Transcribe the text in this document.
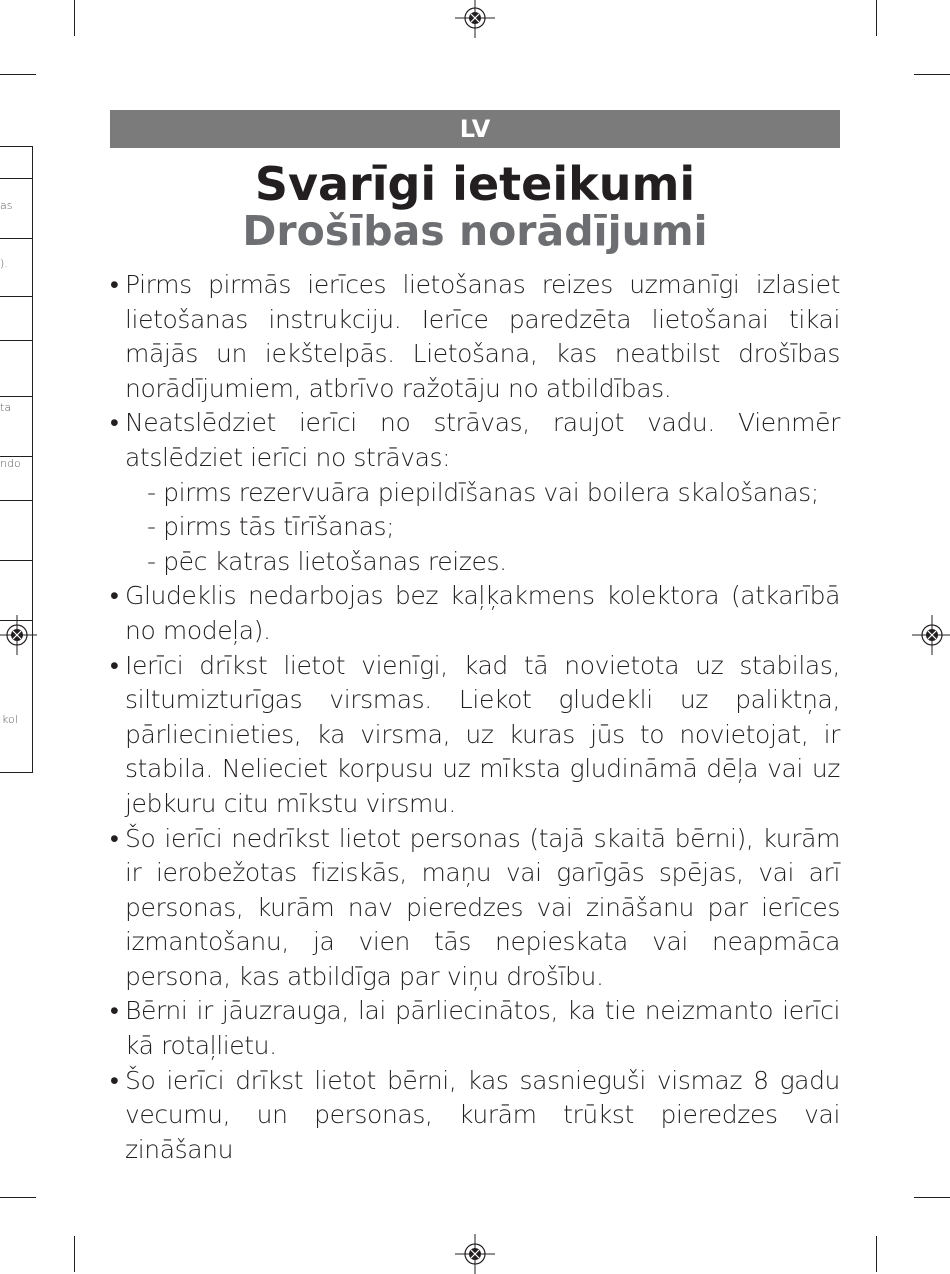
as
).
ta
ndo
kol
LV
Svarīgi ieteikumi
Drošības norādījumi
• Pirms pirmās ierīces lietošanas reizes uzmanīgi izlasiet lietošanas instrukciju. Ierīce paredzēta lietošanai tikai mājās un iekštelpās. Lietošana, kas neatbilst drošības norādījumiem, atbrīvo ražotāju no atbildības.
• Neatslēdziet ierīci no strāvas, raujot vadu. Vienmēr atslēdziet ierīci no strāvas:
- pirms rezervuāra piepildīšanas vai boilera skalošanas;
- pirms tās tīrīšanas;
- pēc katras lietošanas reizes.
• Gludeklis nedarbojas bez kaļķakmens kolektora (atkarībā no modeļa).
• Ierīci drīkst lietot vienīgi, kad tā novietota uz stabilas, siltumizturīgas virsmas. Liekot gludekli uz paliktņa, pārliecinieties, ka virsma, uz kuras jūs to novietojat, ir stabila. Nelieciet korpusu uz mīksta gludināmā dēļa vai uz jebkuru citu mīkstu virsmu.
• Šo ierīci nedrīkst lietot personas (tajā skaitā bērni), kurām ir ierobežotas fiziskās, maņu vai garīgās spējas, vai arī personas, kurām nav pieredzes vai zināšanu par ierīces izmantošanu, ja vien tās nepieskata vai neapmāca persona, kas atbildīga par viņu drošību.
• Bērni ir jāuzrauga, lai pārliecinātos, ka tie neizmanto ierīci kā rotaļlietu.
• Šo ierīci drīkst lietot bērni, kas sasnieguši vismaz 8 gadu vecumu, un personas, kurām trūkst pieredzes vai zināšanu
